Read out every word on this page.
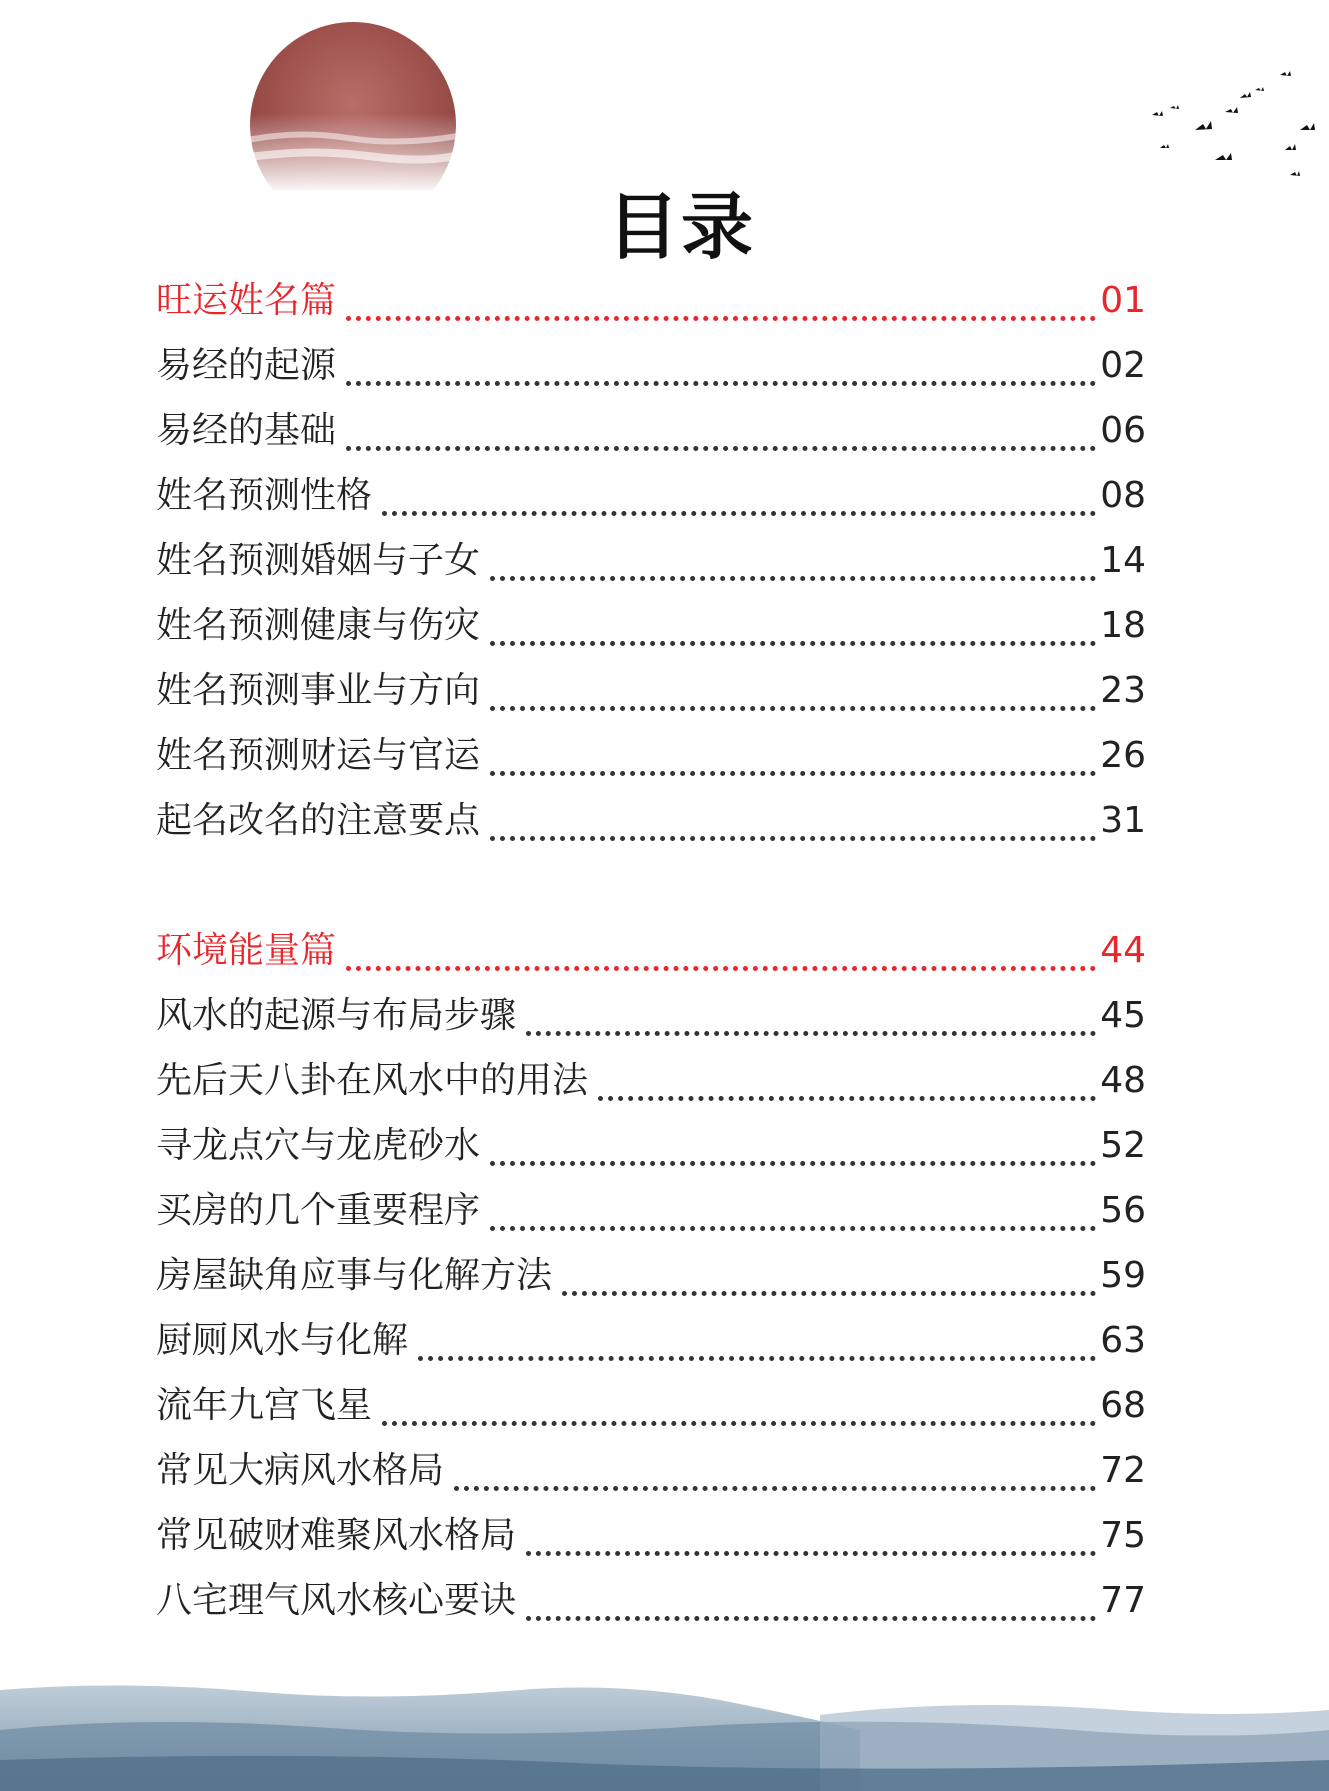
目录
旺运姓名篇	01
易经的起源	02
易经的基础	06
姓名预测性格	08
姓名预测婚姻与子女	14
姓名预测健康与伤灾	18
姓名预测事业与方向	23
姓名预测财运与官运	26
起名改名的注意要点	31
环境能量篇	44
风水的起源与布局步骤	45
先后天八卦在风水中的用法	48
寻龙点穴与龙虎砂水	52
买房的几个重要程序	56
房屋缺角应事与化解方法	59
厨厕风水与化解	63
流年九宫飞星	68
常见大病风水格局	72
常见破财难聚风水格局	75
八宅理气风水核心要诀	77
